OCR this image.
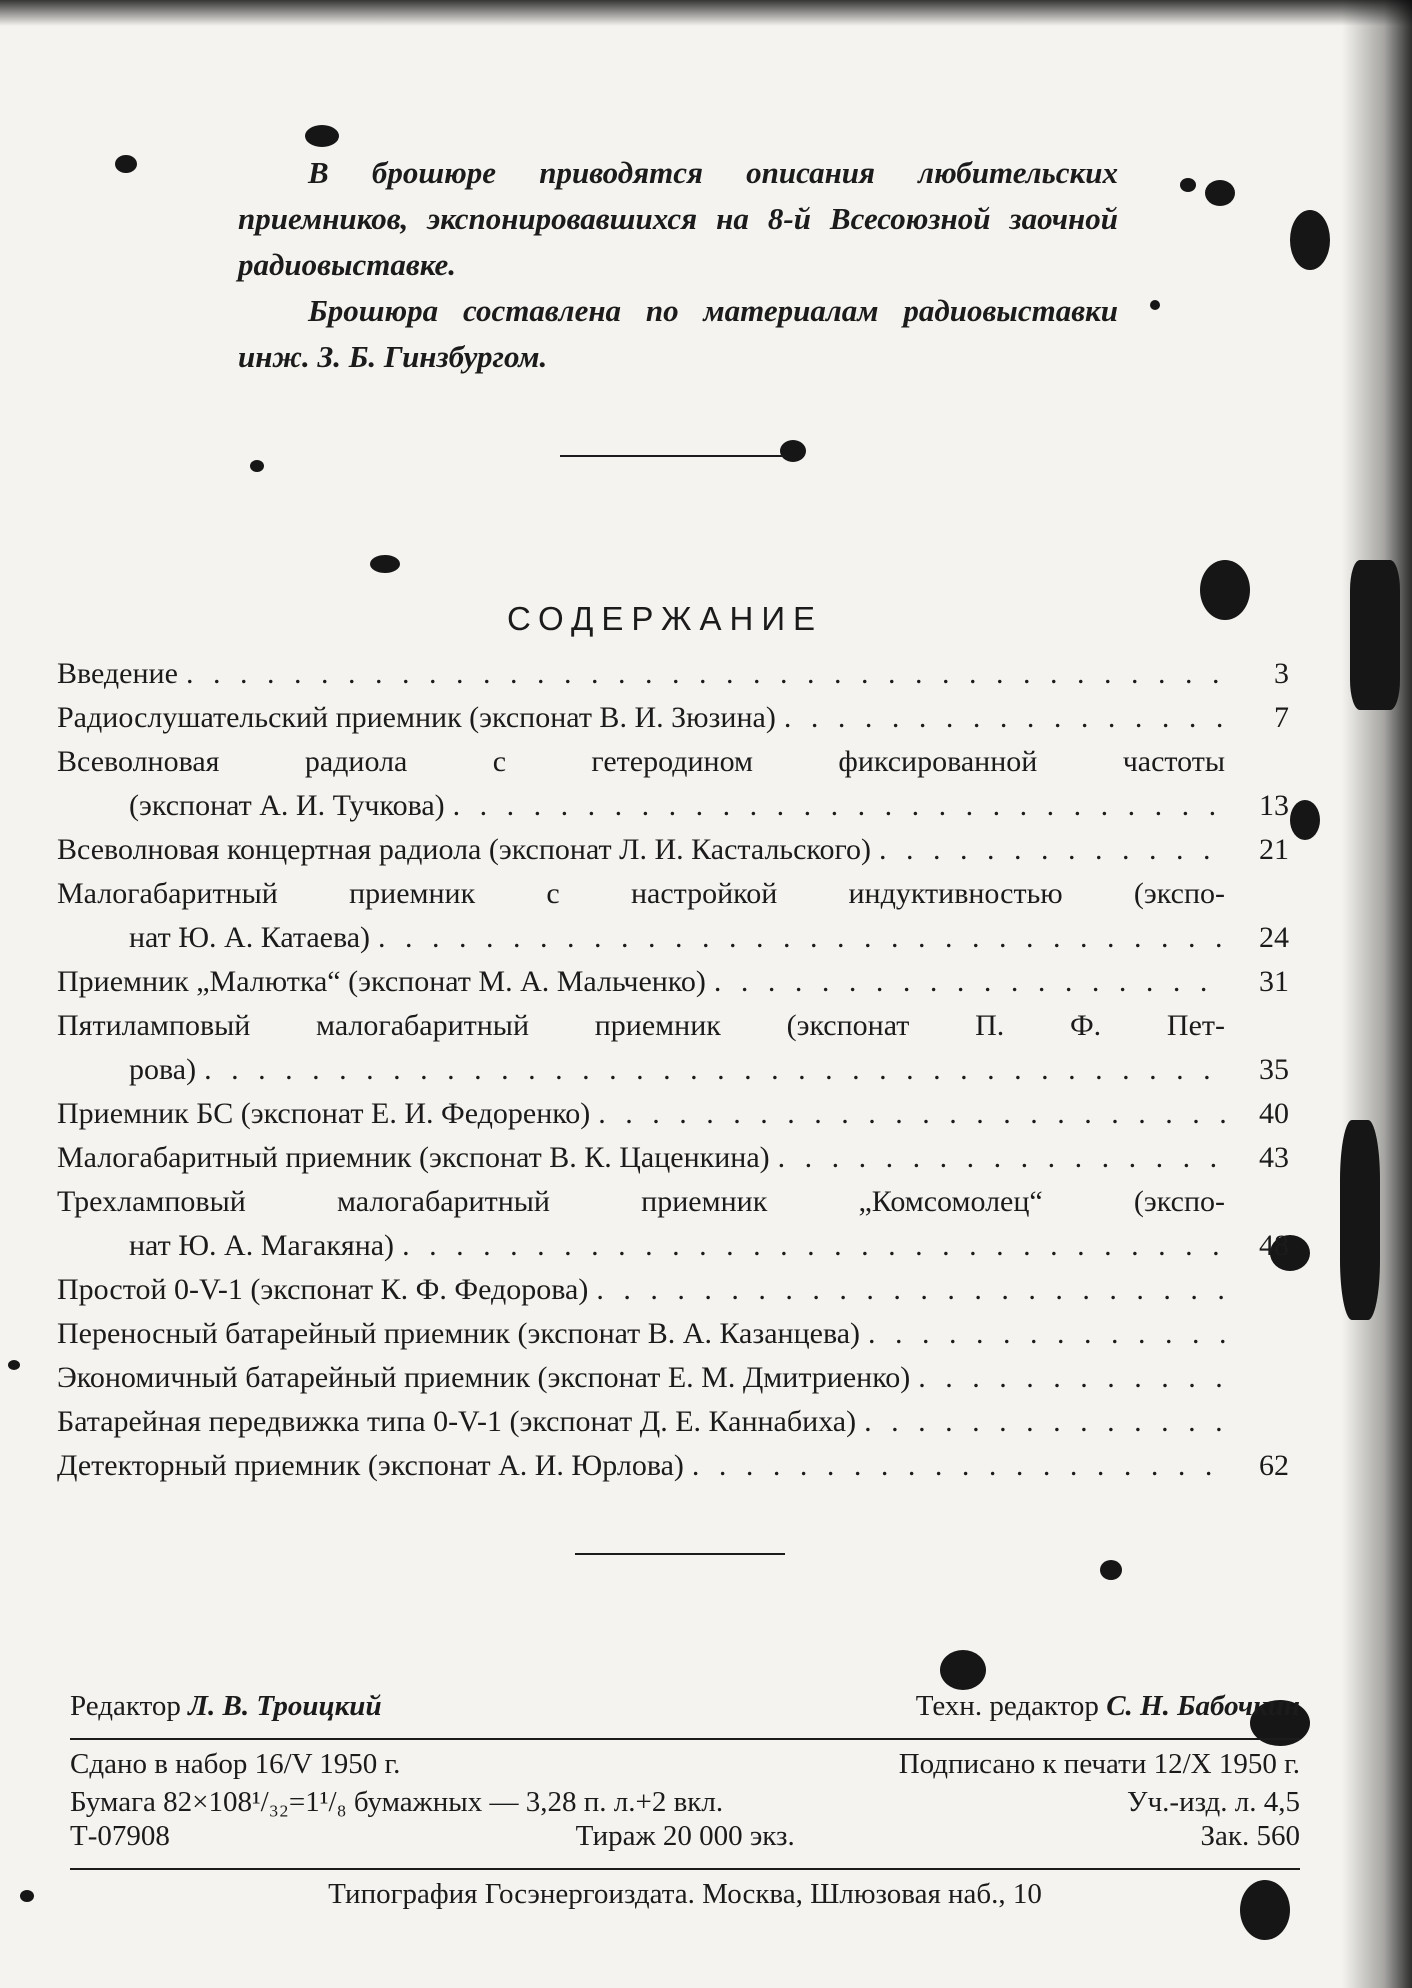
В брошюре приводятся описания любительских приемников, экспонировавшихся на 8-й Всесоюзной заочной радиовыставке.

Брошюра составлена по материалам радиовыставки инж. З. Б. Гинзбургом.

СОДЕРЖАНИЕ
Введение . . .	3
Радиослушательский приемник (экспонат В. И. Зюзина) . . .	7
Всеволновая радиола с гетеродином фиксированной частоты
(экспонат А. И. Тучкова) . . .	13
Всеволновая концертная радиола (экспонат Л. И. Кастальского) . . .	21
Малогабаритный приемник с настройкой индуктивностью (экспо-
нат Ю. А. Катаева) . . .	24
Приемник „Малютка“ (экспонат М. А. Мальченко) . . .	31
Пятиламповый малогабаритный приемник (экспонат П. Ф. Пет-
рова) . . .	35
Приемник БС (экспонат Е. И. Федоренко) . . .	40
Малогабаритный приемник (экспонат В. К. Цаценкина) . . .	43
Трехламповый малогабаритный приемник „Комсомолец“ (экспо-
нат Ю. А. Магакяна) . . .	48
Простой 0-V-1 (экспонат К. Ф. Федорова)
. . .
Переносный батарейный приемник (экспонат В. А. Казанцева)
. . .
Экономичный батарейный приемник (экспонат Е. М. Дмитриенко)
. . .
Батарейная передвижка типа 0-V-1 (экспонат Д. Е. Каннабиха)
. . .
Детекторный приемник (экспонат А. И. Юрлова) . . .	62
Редактор Л. В. Троицкий	Техн. редактор С. Н. Бабочкин
Сдано в набор 16/V 1950 г.	Подписано к печати 12/X 1950 г.
Бумага 82×108¹/₃₂=1¹/₈ бумажных — 3,28 п. л.+2 вкл.	Уч.-изд. л. 4,5
Т-07908	Тираж 20 000 экз.	Зак. 560
Типография Госэнергоиздата. Москва, Шлюзовая наб., 10
